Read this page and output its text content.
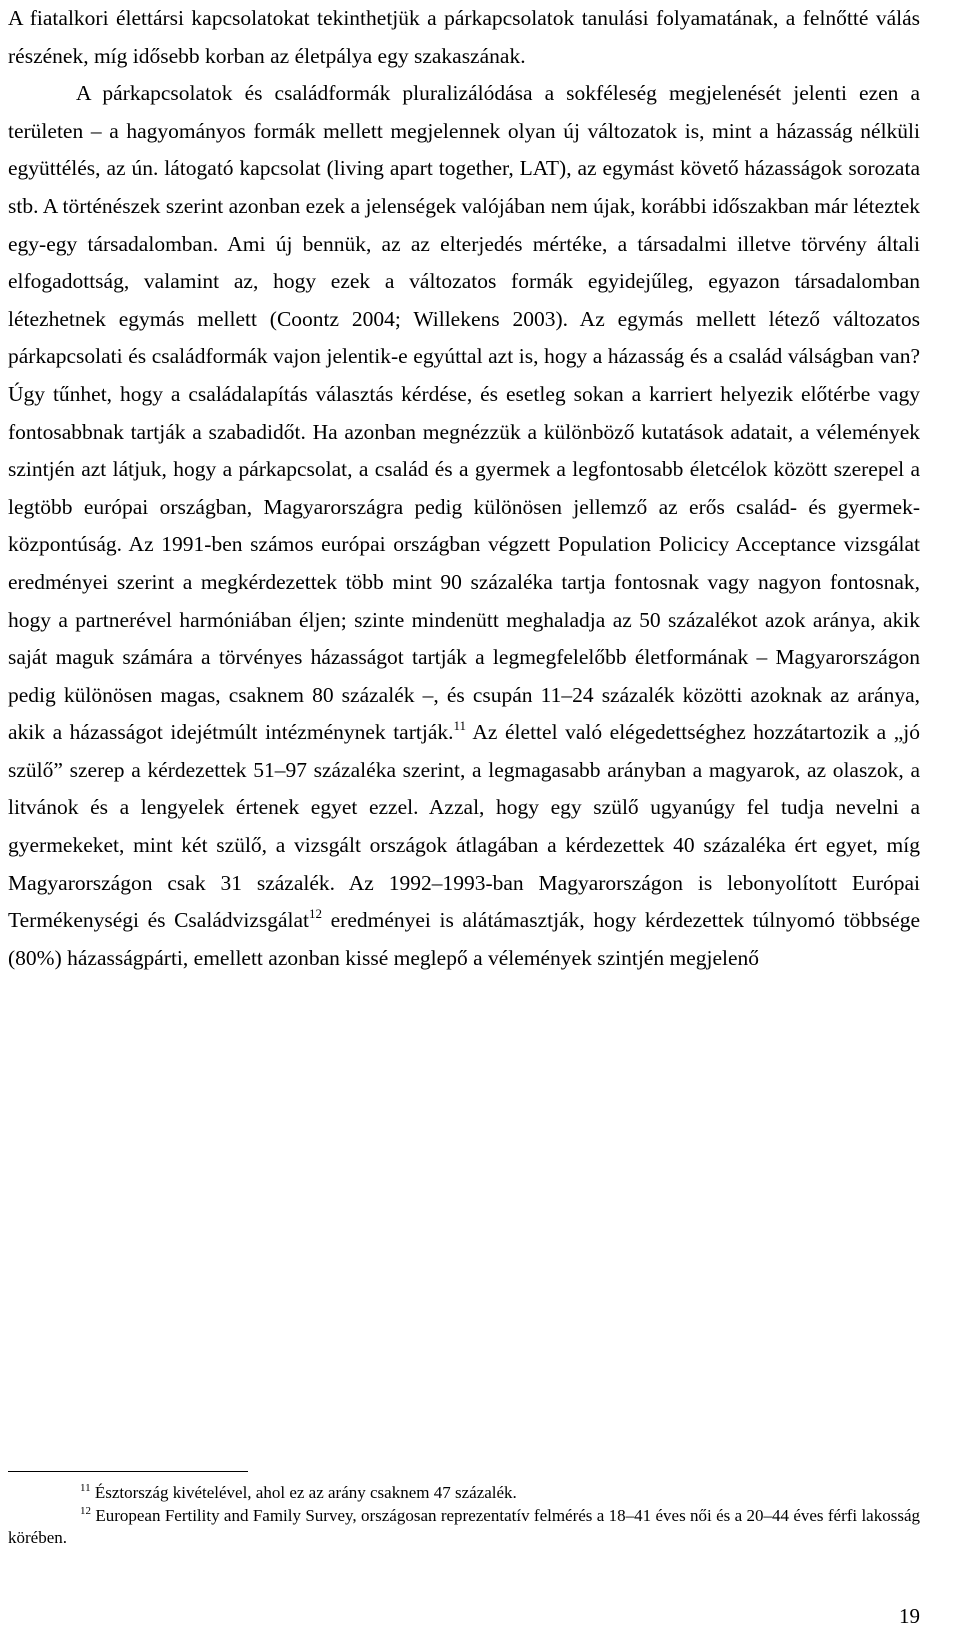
A fiatalkori élettársi kapcsolatokat tekinthetjük a párkapcsolatok tanulási folyamatának, a felnőtté válás részének, míg idősebb korban az életpálya egy szakaszának.

A párkapcsolatok és családformák pluralizálódása a sokféleség megjelenését jelenti ezen a területen – a hagyományos formák mellett megjelennek olyan új változatok is, mint a házasság nélküli együttélés, az ún. látogató kapcsolat (living apart together, LAT), az egymást követő házasságok sorozata stb. A történészek szerint azonban ezek a jelenségek valójában nem újak, korábbi időszakban már léteztek egy-egy társadalomban. Ami új bennük, az az elterjedés mértéke, a társadalmi illetve törvény általi elfogadottság, valamint az, hogy ezek a változatos formák egyidejűleg, egyazon társadalomban létezhetnek egymás mellett (Coontz 2004; Willekens 2003). Az egymás mellett létező változatos párkapcsolati és családformák vajon jelentik-e egyúttal azt is, hogy a házasság és a család válságban van? Úgy tűnhet, hogy a családalapítás választás kérdése, és esetleg sokan a karriert helyezik előtérbe vagy fontosabbnak tartják a szabadidőt. Ha azonban megnézzük a különböző kutatások adatait, a vélemények szintjén azt látjuk, hogy a párkapcsolat, a család és a gyermek a legfontosabb életcélok között szerepel a legtöbb európai országban, Magyarországra pedig különösen jellemző az erős család- és gyermek-központúság. Az 1991-ben számos európai országban végzett Population Policicy Acceptance vizsgálat eredményei szerint a megkérdezettek több mint 90 százaléka tartja fontosnak vagy nagyon fontosnak, hogy a partnerével harmóniában éljen; szinte mindenütt meghaladja az 50 százalékot azok aránya, akik saját maguk számára a törvényes házasságot tartják a legmegfelelőbb életformának – Magyarországon pedig különösen magas, csaknem 80 százalék –, és csupán 11–24 százalék közötti azoknak az aránya, akik a házasságot idejétmúlt intézménynek tartják.$^{11}$ Az élettel való elégedettséghez hozzátartozik a „jó szülő” szerep a kérdezettek 51–97 százaléka szerint, a legmagasabb arányban a magyarok, az olaszok, a litvánok és a lengyelek értenek egyet ezzel. Azzal, hogy egy szülő ugyanúgy fel tudja nevelni a gyermekeket, mint két szülő, a vizsgált országok átlagában a kérdezettek 40 százaléka ért egyet, míg Magyarországon csak 31 százalék. Az 1992–1993-ban Magyarországon is lebonyolított Európai Termékenységi és Családvizsgálat$^{12}$ eredményei is alátámasztják, hogy kérdezettek túlnyomó többsége (80%) házasságpárti, emellett azonban kissé meglepő a vélemények szintjén megjelenő

$^{11}$ Észtország kivételével, ahol ez az arány csaknem 47 százalék.

$^{12}$ European Fertility and Family Survey, országosan reprezentatív felmérés a 18–41 éves női és a 20–44 éves férfi lakosság körében.

19
